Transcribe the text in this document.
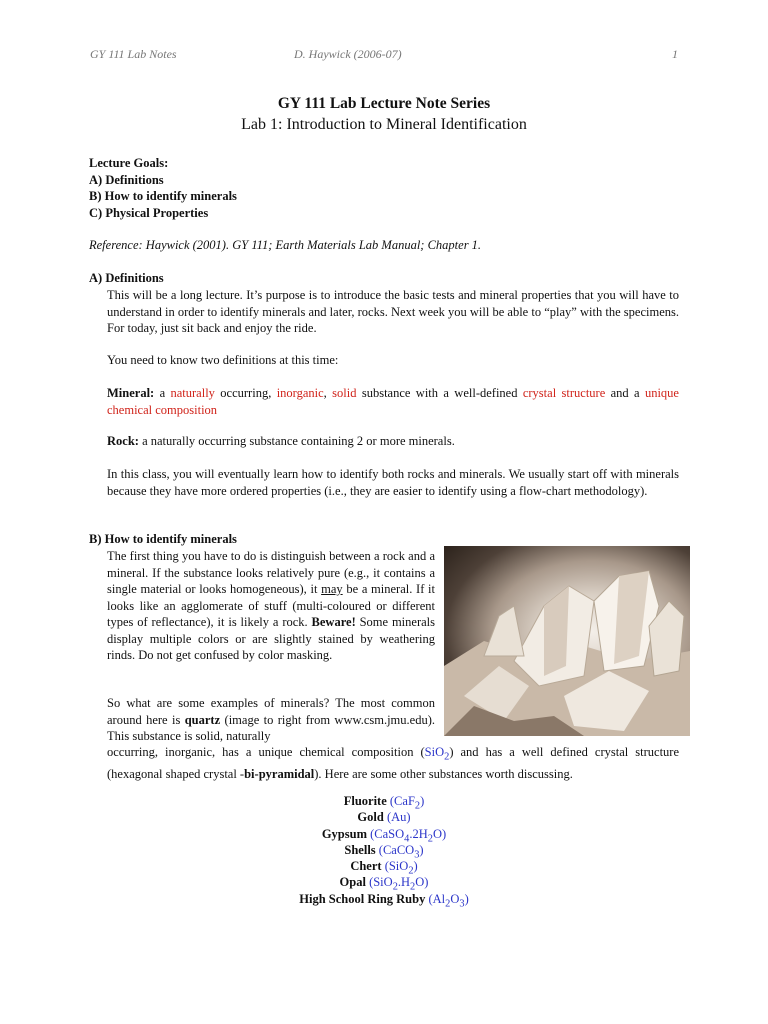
GY 111 Lab Notes	D. Haywick (2006-07)	1
GY 111 Lab Lecture Note Series
Lab 1: Introduction to Mineral Identification
Lecture Goals:
A) Definitions
B) How to identify minerals
C) Physical Properties
Reference: Haywick (2001). GY 111; Earth Materials Lab Manual; Chapter 1.
A) Definitions
This will be a long lecture. It’s purpose is to introduce the basic tests and mineral properties that you will have to understand in order to identify minerals and later, rocks. Next week you will be able to “play” with the specimens. For today, just sit back and enjoy the ride.
You need to know two definitions at this time:
Mineral: a naturally occurring, inorganic, solid substance with a well-defined crystal structure and a unique chemical composition
Rock: a naturally occurring substance containing 2 or more minerals.
In this class, you will eventually learn how to identify both rocks and minerals. We usually start off with minerals because they have more ordered properties (i.e., they are easier to identify using a flow-chart methodology).
B) How to identify minerals
The first thing you have to do is distinguish between a rock and a mineral. If the substance looks relatively pure (e.g., it contains a single material or looks homogeneous), it may be a mineral. If it looks like an agglomerate of stuff (multi-coloured or different types of reflectance), it is likely a rock. Beware! Some minerals display multiple colors or are slightly stained by weathering rinds. Do not get confused by color masking.
So what are some examples of minerals? The most common around here is quartz (image to right from www.csm.jmu.edu). This substance is solid, naturally
occurring, inorganic, has a unique chemical composition (SiO$_2$) and has a well defined crystal structure (hexagonal shaped crystal -bi-pyramidal). Here are some other substances worth discussing.
Fluorite (CaF$_2$)
Gold (Au)
Gypsum $(CaSO_4.2H_2O)$
Shells (CaCO$_3$)
Chert (SiO$_2$)
Opal $(SiO_2.H_2O)$
High School Ring Ruby $(Al_2O_3)$
